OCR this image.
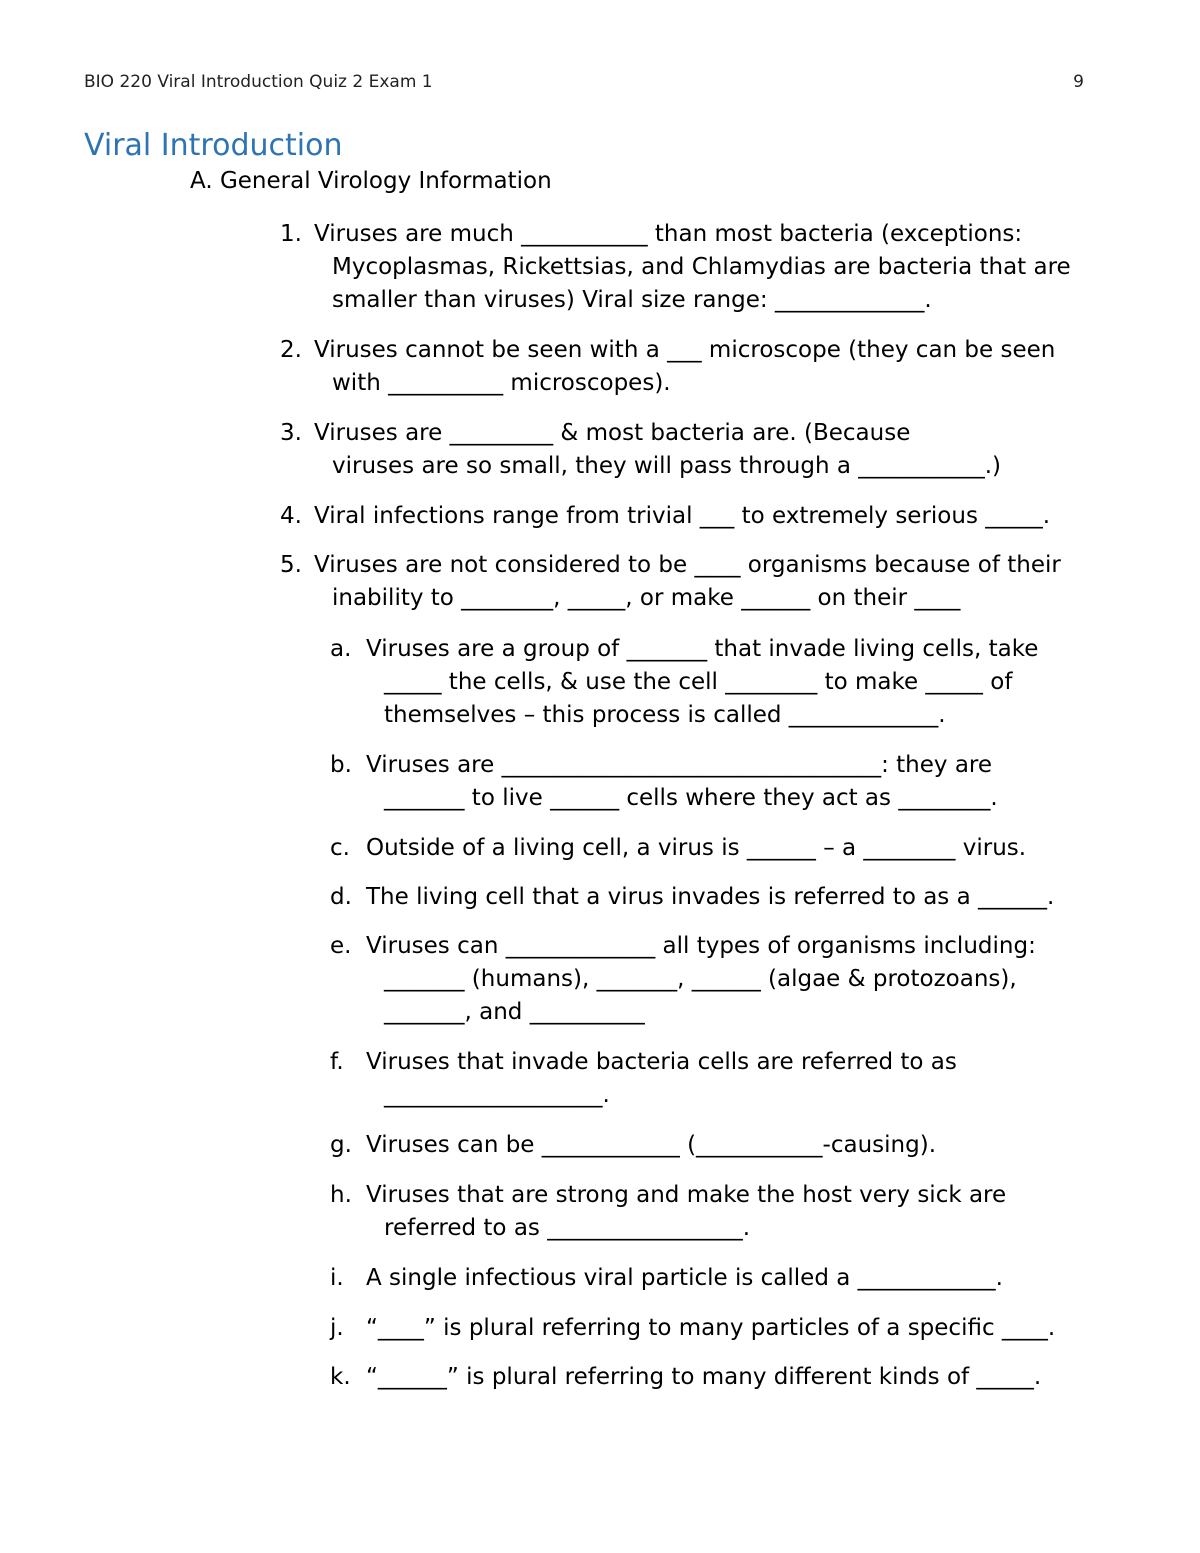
BIO 220 Viral Introduction Quiz 2 Exam 1	9
Viral Introduction
A. General Virology Information
1. Viruses are much ___________ than most bacteria (exceptions:
Mycoplasmas, Rickettsias, and Chlamydias are bacteria that are
smaller than viruses) Viral size range: _____________.
2. Viruses cannot be seen with a ___ microscope (they can be seen
with __________ microscopes).
3. Viruses are _________ & most bacteria are. (Because
viruses are so small, they will pass through a ___________.)
4. Viral infections range from trivial ___ to extremely serious _____.
5. Viruses are not considered to be ____ organisms because of their
inability to ________, _____, or make ______ on their ____
a. Viruses are a group of _______ that invade living cells, take
_____ the cells, & use the cell ________ to make _____ of
themselves – this process is called _____________.
b. Viruses are _________________________________: they are
_______ to live ______ cells where they act as ________.
c. Outside of a living cell, a virus is ______ – a ________ virus.
d. The living cell that a virus invades is referred to as a ______.
e. Viruses can _____________ all types of organisms including:
_______ (humans), _______, ______ (algae & protozoans),
_______, and __________
f. Viruses that invade bacteria cells are referred to as
___________________.
g. Viruses can be ____________ (___________-causing).
h. Viruses that are strong and make the host very sick are
referred to as _________________.
i. A single infectious viral particle is called a ____________.
j. “____” is plural referring to many particles of a specific ____.
k. “______” is plural referring to many different kinds of _____.
